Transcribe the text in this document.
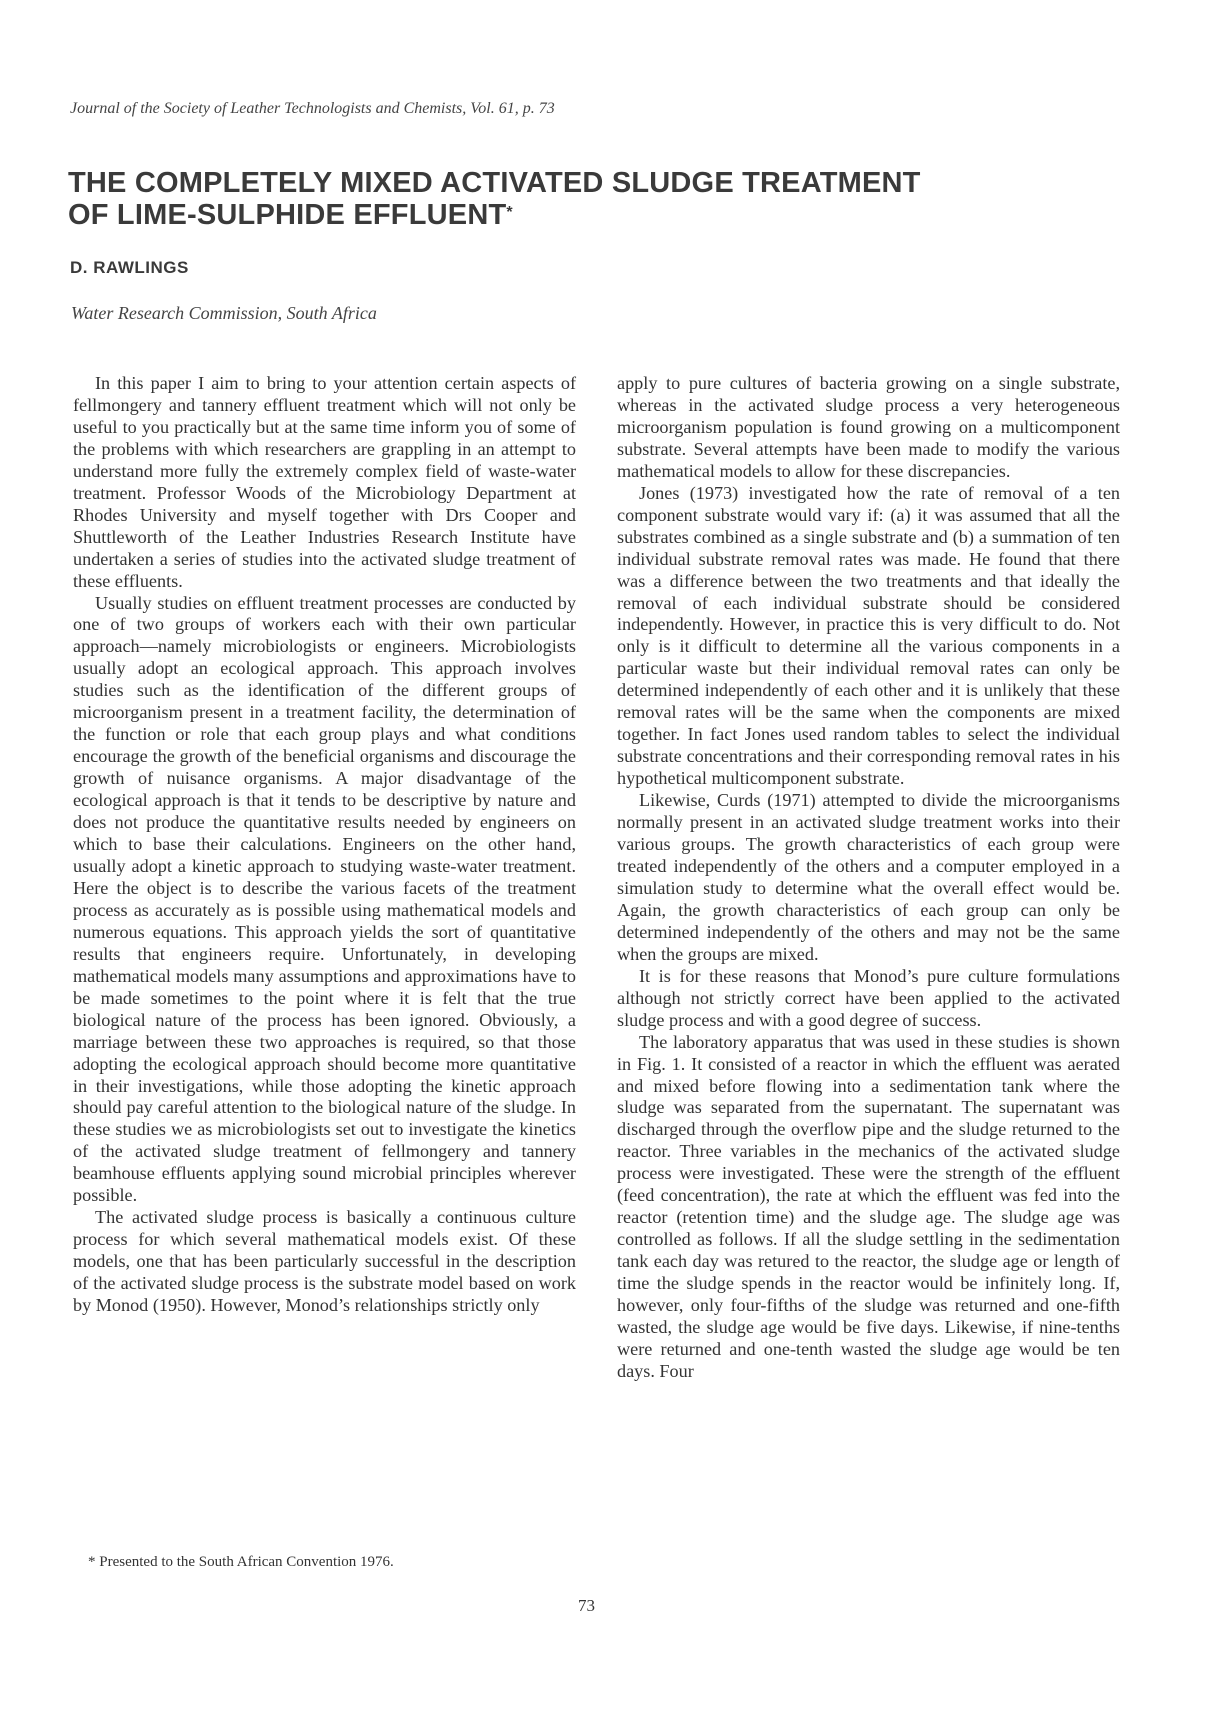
Journal of the Society of Leather Technologists and Chemists, Vol. 61, p. 73
THE COMPLETELY MIXED ACTIVATED SLUDGE TREATMENT
OF LIME-SULPHIDE EFFLUENT*
D. RAWLINGS
Water Research Commission, South Africa

In this paper I aim to bring to your attention certain aspects of fellmongery and tannery effluent treatment which will not only be useful to you practically but at the same time inform you of some of the problems with which researchers are grappling in an attempt to understand more fully the extremely complex field of waste-water treatment. Professor Woods of the Microbiology Department at Rhodes University and myself together with Drs Cooper and Shuttleworth of the Leather Industries Research Institute have undertaken a series of studies into the activated sludge treatment of these effluents.

Usually studies on effluent treatment processes are conducted by one of two groups of workers each with their own particular approach—namely microbiologists or engineers. Microbiologists usually adopt an ecological approach. This approach involves studies such as the identification of the different groups of microorganism present in a treatment facility, the determination of the function or role that each group plays and what conditions encourage the growth of the beneficial organisms and discourage the growth of nuisance organisms. A major disadvantage of the ecological approach is that it tends to be descriptive by nature and does not produce the quantitative results needed by engineers on which to base their calculations. Engineers on the other hand, usually adopt a kinetic approach to studying waste-water treatment. Here the object is to describe the various facets of the treatment process as accurately as is possible using mathematical models and numerous equations. This approach yields the sort of quantitative results that engineers require. Unfortunately, in developing mathematical models many assumptions and approximations have to be made sometimes to the point where it is felt that the true biological nature of the process has been ignored. Obviously, a marriage between these two approaches is required, so that those adopting the ecological approach should become more quantitative in their investigations, while those adopting the kinetic approach should pay careful attention to the biological nature of the sludge. In these studies we as microbiologists set out to investigate the kinetics of the activated sludge treatment of fellmongery and tannery beamhouse effluents applying sound microbial principles wherever possible.

The activated sludge process is basically a continuous culture process for which several mathematical models exist. Of these models, one that has been particularly successful in the description of the activated sludge process is the substrate model based on work by Monod (1950). However, Monod’s relationships strictly only

apply to pure cultures of bacteria growing on a single substrate, whereas in the activated sludge process a very heterogeneous microorganism population is found growing on a multicomponent substrate. Several attempts have been made to modify the various mathematical models to allow for these discrepancies.

Jones (1973) investigated how the rate of removal of a ten component substrate would vary if: (a) it was assumed that all the substrates combined as a single substrate and (b) a summation of ten individual substrate removal rates was made. He found that there was a difference between the two treatments and that ideally the removal of each individual substrate should be considered independently. However, in practice this is very difficult to do. Not only is it difficult to determine all the various components in a particular waste but their individual removal rates can only be determined independently of each other and it is unlikely that these removal rates will be the same when the components are mixed together. In fact Jones used random tables to select the individual substrate concentrations and their corresponding removal rates in his hypothetical multicomponent substrate.

Likewise, Curds (1971) attempted to divide the microorganisms normally present in an activated sludge treatment works into their various groups. The growth characteristics of each group were treated independently of the others and a computer employed in a simulation study to determine what the overall effect would be. Again, the growth characteristics of each group can only be determined independently of the others and may not be the same when the groups are mixed.

It is for these reasons that Monod’s pure culture formulations although not strictly correct have been applied to the activated sludge process and with a good degree of success.

The laboratory apparatus that was used in these studies is shown in Fig. 1. It consisted of a reactor in which the effluent was aerated and mixed before flowing into a sedimentation tank where the sludge was separated from the supernatant. The supernatant was discharged through the overflow pipe and the sludge returned to the reactor. Three variables in the mechanics of the activated sludge process were investigated. These were the strength of the effluent (feed concentration), the rate at which the effluent was fed into the reactor (retention time) and the sludge age. The sludge age was controlled as follows. If all the sludge settling in the sedimentation tank each day was retured to the reactor, the sludge age or length of time the sludge spends in the reactor would be infinitely long. If, however, only four-fifths of the sludge was returned and one-fifth wasted, the sludge age would be five days. Likewise, if nine-tenths were returned and one-tenth wasted the sludge age would be ten days. Four

* Presented to the South African Convention 1976.
73
